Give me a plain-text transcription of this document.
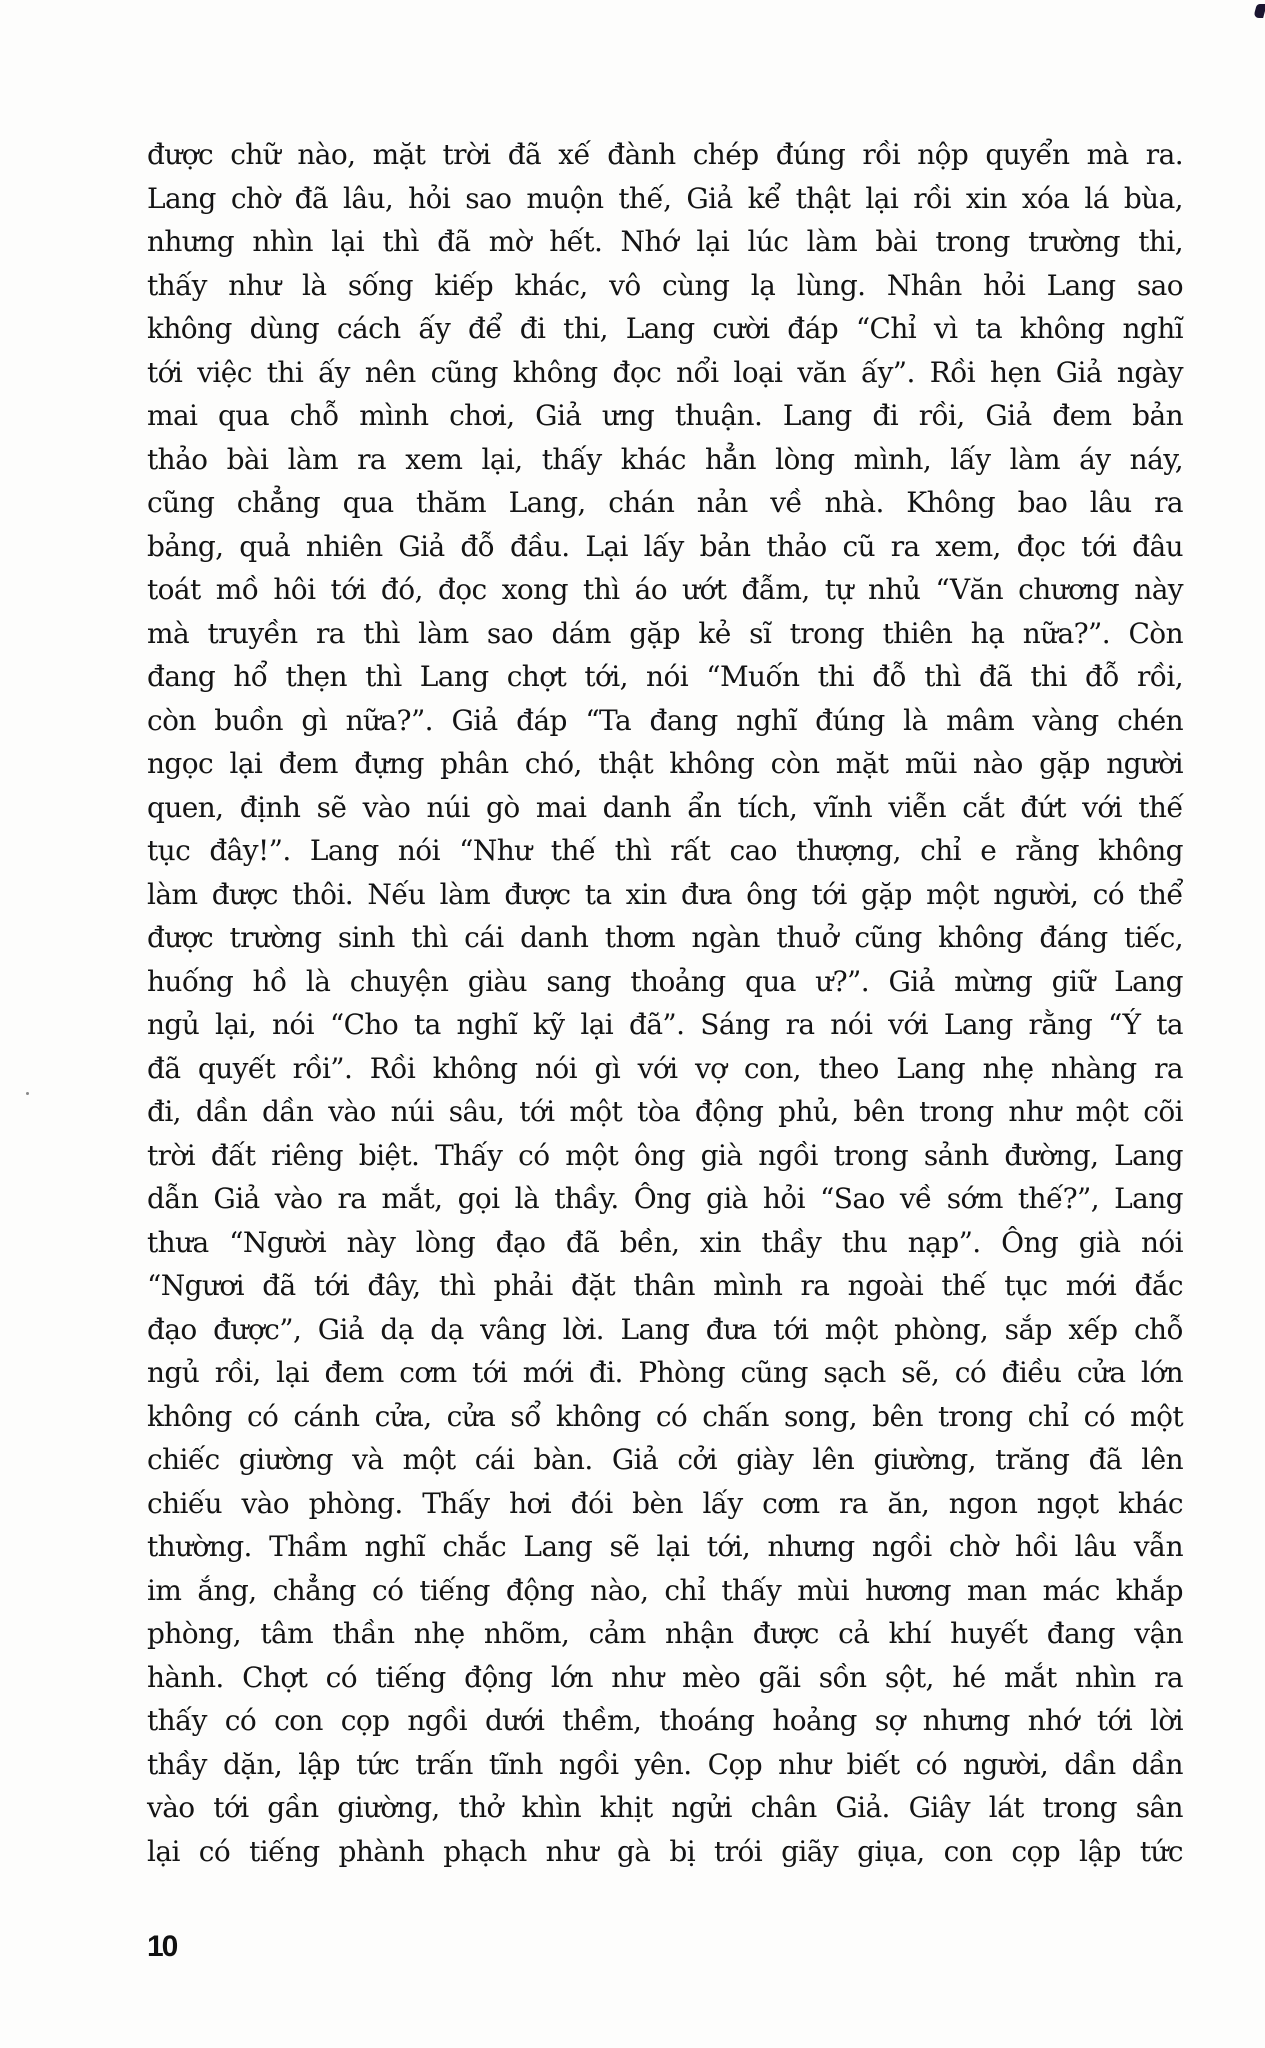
được chữ nào, mặt trời đã xế đành chép đúng rồi nộp quyển mà ra.
Lang chờ đã lâu, hỏi sao muộn thế, Giả kể thật lại rồi xin xóa lá bùa,
nhưng nhìn lại thì đã mờ hết. Nhớ lại lúc làm bài trong trường thi,
thấy như là sống kiếp khác, vô cùng lạ lùng. Nhân hỏi Lang sao
không dùng cách ấy để đi thi, Lang cười đáp “Chỉ vì ta không nghĩ
tới việc thi ấy nên cũng không đọc nổi loại văn ấy”. Rồi hẹn Giả ngày
mai qua chỗ mình chơi, Giả ưng thuận. Lang đi rồi, Giả đem bản
thảo bài làm ra xem lại, thấy khác hẳn lòng mình, lấy làm áy náy,
cũng chẳng qua thăm Lang, chán nản về nhà. Không bao lâu ra
bảng, quả nhiên Giả đỗ đầu. Lại lấy bản thảo cũ ra xem, đọc tới đâu
toát mồ hôi tới đó, đọc xong thì áo ướt đẫm, tự nhủ “Văn chương này
mà truyền ra thì làm sao dám gặp kẻ sĩ trong thiên hạ nữa?”. Còn
đang hổ thẹn thì Lang chợt tới, nói “Muốn thi đỗ thì đã thi đỗ rồi,
còn buồn gì nữa?”. Giả đáp “Ta đang nghĩ đúng là mâm vàng chén
ngọc lại đem đựng phân chó, thật không còn mặt mũi nào gặp người
quen, định sẽ vào núi gò mai danh ẩn tích, vĩnh viễn cắt đứt với thế
tục đây!”. Lang nói “Như thế thì rất cao thượng, chỉ e rằng không
làm được thôi. Nếu làm được ta xin đưa ông tới gặp một người, có thể
được trường sinh thì cái danh thơm ngàn thuở cũng không đáng tiếc,
huống hồ là chuyện giàu sang thoảng qua ư?”. Giả mừng giữ Lang
ngủ lại, nói “Cho ta nghĩ kỹ lại đã”. Sáng ra nói với Lang rằng “Ý ta
đã quyết rồi”. Rồi không nói gì với vợ con, theo Lang nhẹ nhàng ra
đi, dần dần vào núi sâu, tới một tòa động phủ, bên trong như một cõi
trời đất riêng biệt. Thấy có một ông già ngồi trong sảnh đường, Lang
dẫn Giả vào ra mắt, gọi là thầy. Ông già hỏi “Sao về sớm thế?”, Lang
thưa “Người này lòng đạo đã bền, xin thầy thu nạp”. Ông già nói
“Ngươi đã tới đây, thì phải đặt thân mình ra ngoài thế tục mới đắc
đạo được”, Giả dạ dạ vâng lời. Lang đưa tới một phòng, sắp xếp chỗ
ngủ rồi, lại đem cơm tới mới đi. Phòng cũng sạch sẽ, có điều cửa lớn
không có cánh cửa, cửa sổ không có chấn song, bên trong chỉ có một
chiếc giường và một cái bàn. Giả cởi giày lên giường, trăng đã lên
chiếu vào phòng. Thấy hơi đói bèn lấy cơm ra ăn, ngon ngọt khác
thường. Thầm nghĩ chắc Lang sẽ lại tới, nhưng ngồi chờ hồi lâu vẫn
im ắng, chẳng có tiếng động nào, chỉ thấy mùi hương man mác khắp
phòng, tâm thần nhẹ nhõm, cảm nhận được cả khí huyết đang vận
hành. Chợt có tiếng động lớn như mèo gãi sồn sột, hé mắt nhìn ra
thấy có con cọp ngồi dưới thềm, thoáng hoảng sợ nhưng nhớ tới lời
thầy dặn, lập tức trấn tĩnh ngồi yên. Cọp như biết có người, dần dần
vào tới gần giường, thở khìn khịt ngửi chân Giả. Giây lát trong sân
lại có tiếng phành phạch như gà bị trói giãy giụa, con cọp lập tức
10
